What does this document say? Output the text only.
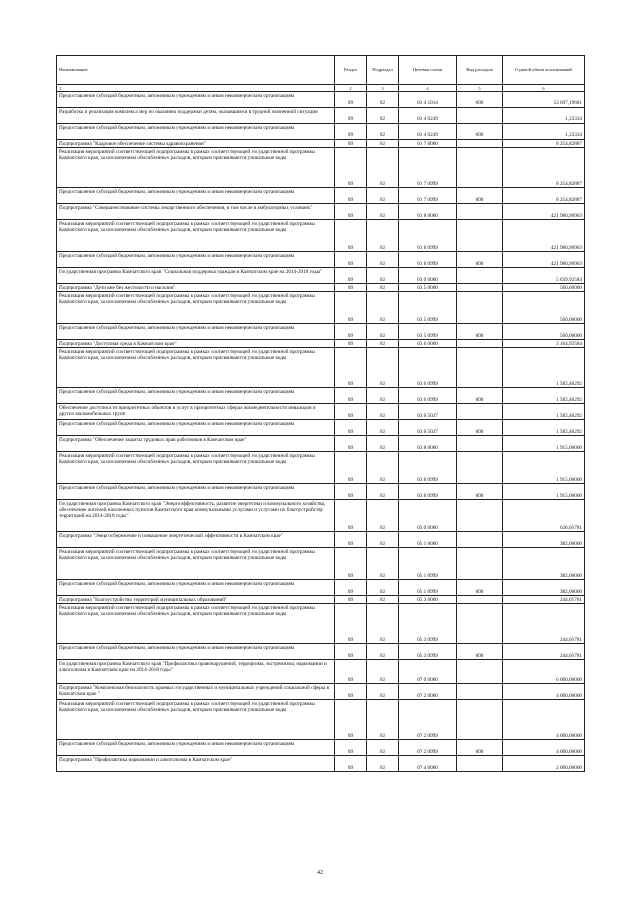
Наименование	Раздел	Подраздел	Целевая статья	Вид расходов	Годовой объем ассигнований
1	2	3	4	5	6
Предоставление субсидий бюджетным, автономным учреждениям и иным некоммерческим организациям	09	02	01 4 1014	600	53 697,19681
Разработка и реализация комплекса мер по оказанию поддержки детям, оказавшимся в трудной жизненной ситуации	09	02	01 4 6249		1,33334
Предоставление субсидий бюджетным, автономным учреждениям и иным некоммерческим организациям	09	02	01 4 6249	600	1,33334
Подпрограмма "Кадровое обеспечение системы здравоохранения"	09	02	01 7 0000		8 254,82887
Реализация мероприятий соответствующей подпрограммы в рамках соответствующей государственной программы Камчатского края, за исключением обособленных расходов, которым присваиваются уникальные коды	09	02	01 7 0999		8 254,82887
Предоставление субсидий бюджетным, автономным учреждениям и иным некоммерческим организациям	09	02	01 7 0999	600	8 254,82887
Подпрограмма "Совершенствование системы лекарственного обеспечения, в том числе в амбулаторных условиях"	09	02	01 8 0000		421 980,96963
Реализация мероприятий соответствующей подпрограммы в рамках соответствующей государственной программы Камчатского края, за исключением обособленных расходов, которым присваиваются уникальные коды	09	02	01 8 0999		421 980,96963
Предоставление субсидий бюджетным, автономным учреждениям и иным некоммерческим организациям	09	02	01 8 0999	600	421 980,96963
Государственная программа Камчатского края "Социальная поддержка граждан в Камчатском крае на 2014-2018 годы"	09	02	03 0 0000		5 639,92584
Подпрограмма "Дети вне без жестокости и насилия"	09	02	03 5 0000		560,00000
Реализация мероприятий соответствующей подпрограммы в рамках соответствующей государственной программы Камчатского края, за исключением обособленных расходов, которым присваиваются уникальные коды	09	02	03 5 0999		560,00000
Предоставление субсидий бюджетным, автономным учреждениям и иным некоммерческим организациям	09	02	03 5 0999	600	560,00000
Подпрограмма "Доступная среда в Камчатском крае"	09	02	03 6 0000		3 164,92584
Реализация мероприятий соответствующей подпрограммы в рамках соответствующей государственной программы Камчатского края, за исключением обособленных расходов, которым присваиваются уникальные коды	09	02	03 6 0999		1 582,46292
Предоставление субсидий бюджетным, автономным учреждениям и иным некоммерческим организациям	09	02	03 6 0999	600	1 582,46292
Обеспечение доступности приоритетных объектов и услуг в приоритетных сферах жизнедеятельности инвалидов и других маломобильных групп	09	02	03 6 5027		1 582,46292
Предоставление субсидий бюджетным, автономным учреждениям и иным некоммерческим организациям	09	02	03 6 5027	600	1 582,46292
Подпрограмма "Обеспечение защиты трудовых прав работников в Камчатском крае"	09	02	03 8 0000		1 915,00000
Реализация мероприятий соответствующей подпрограммы в рамках соответствующей государственной программы Камчатского края, за исключением обособленных расходов, которым присваиваются уникальные коды	09	02	03 8 0999		1 915,00000
Предоставление субсидий бюджетным, автономным учреждениям и иным некоммерческим организациям	09	02	03 8 0999	600	1 915,00000
Государственная программа Камчатского края "Энергоэффективность, развитие энергетики и коммунального хозяйства, обеспечение жителей населенных пунктов Камчатского края коммунальными услугами и услугами по благоустройству территорий на 2014-2018 годы"	09	02	05 0 0000		626,01781
Подпрограмма "Энергосбережение и повышение энергетической эффективности в Камчатском крае"	09	02	05 1 0000		382,00000
Реализация мероприятий соответствующей подпрограммы в рамках соответствующей государственной программы Камчатского края, за исключением обособленных расходов, которым присваиваются уникальные коды	09	02	05 1 0999		382,00000
Предоставление субсидий бюджетным, автономным учреждениям и иным некоммерческим организациям	09	02	05 1 0999	600	382,00000
Подпрограмма "Благоустройство территорий муниципальных образований"	09	02	05 3 0000		244,01781
Реализация мероприятий соответствующей подпрограммы в рамках соответствующей государственной программы Камчатского края, за исключением обособленных расходов, которым присваиваются уникальные коды	09	02	05 3 0999		244,01781
Предоставление субсидий бюджетным, автономным учреждениям и иным некоммерческим организациям	09	02	05 3 0999	600	244,01781
Государственная программа Камчатского края "Профилактика правонарушений, терроризма, экстремизма, наркомании и алкоголизма в Камчатском крае на 2014-2018 годы"	09	02	07 0 0000		6 600,00000
Подпрограмма "Комплексная безопасность краевых государственных и муниципальных учреждений социальной сферы в Камчатском крае "	09	02	07 2 0000		4 600,00000
Реализация мероприятий соответствующей подпрограммы в рамках соответствующей государственной программы Камчатского края, за исключением обособленных расходов, которым присваиваются уникальные коды	09	02	07 2 0999		4 600,00000
Предоставление субсидий бюджетным, автономным учреждениям и иным некоммерческим организациям	09	02	07 2 0999	600	4 600,00000
Подпрограмма "Профилактика наркомании и алкоголизма в Камчатском крае"	09	02	07 4 0000		2 000,00000
42
